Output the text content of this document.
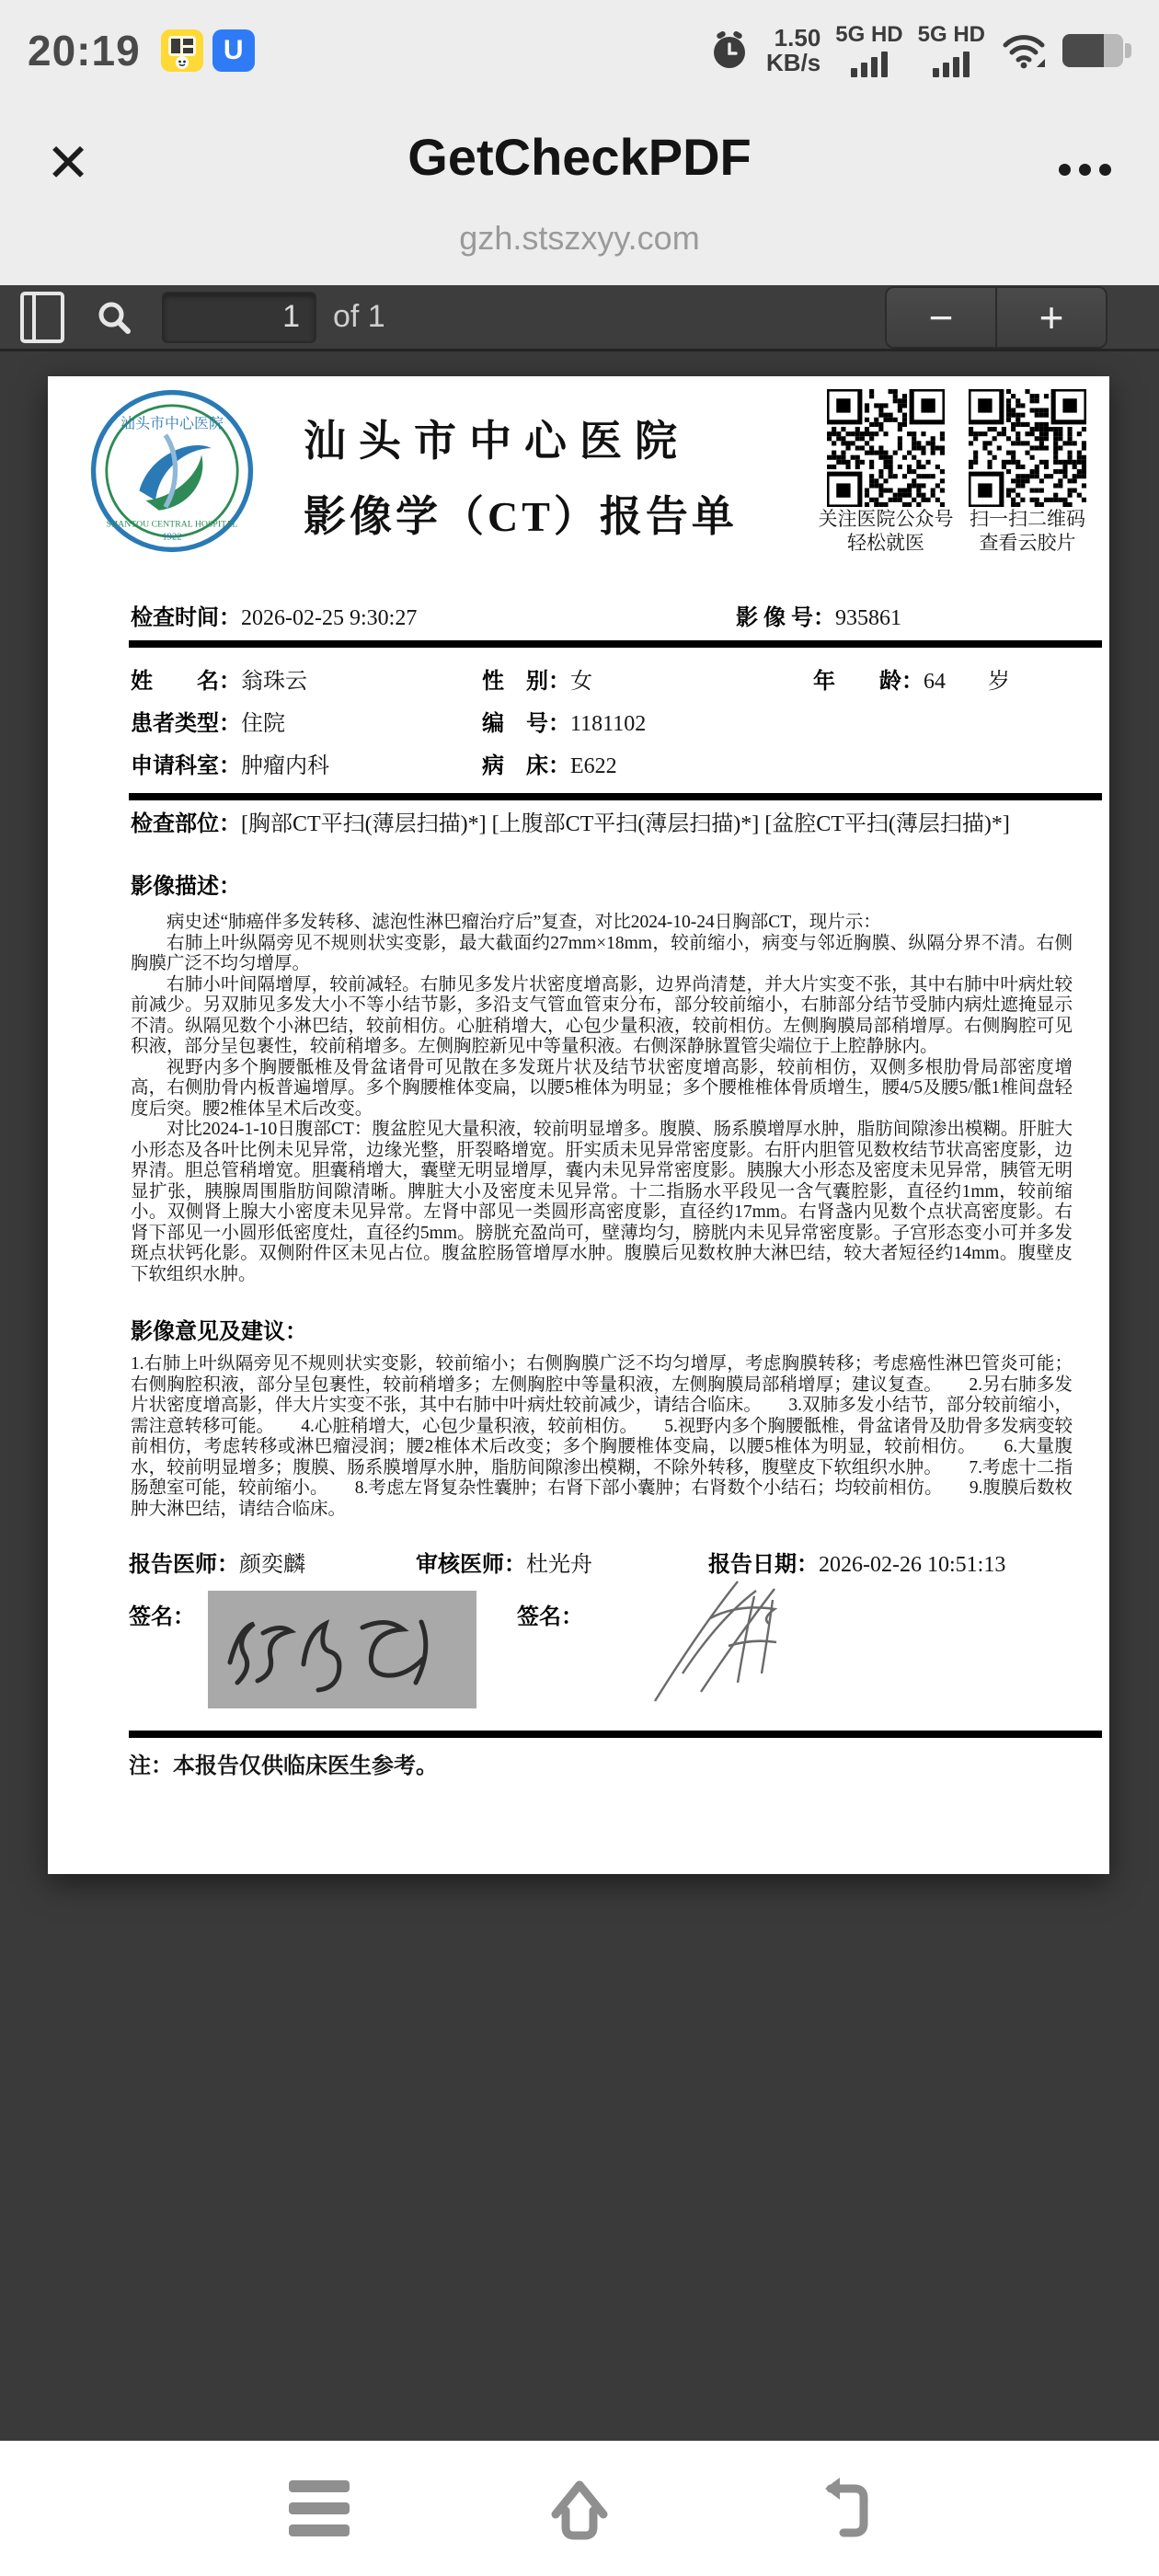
20:19	U	1.50
KB/s
5G HD 5G HD
✕	GetCheckPDF
gzh.stszxyy.com
1	of 1	−	+
汕头市中心医院
SHANTOU CENTRAL HOSPITAL
1922
汕头市中心医院
影像学（CT）报告单	关注医院公众号
轻松就医
扫一扫二维码
查看云胶片
检查时间：2026-02-25 9:30:27	影 像 号：935861
姓　　名：翁珠云	性　别：女	年　　龄：64 岁
患者类型：住院	编　号：1181102
申请科室：肿瘤内科	病　床：E622
检查部位：[胸部CT平扫(薄层扫描)*] [上腹部CT平扫(薄层扫描)*] [盆腔CT平扫(薄层扫描)*]
影像描述：

病史述“肺癌伴多发转移、滤泡性淋巴瘤治疗后”复查，对比2024-10-24日胸部CT，现片示：

右肺上叶纵隔旁见不规则状实变影，最大截面约27mm×18mm，较前缩小，病变与邻近胸膜、纵隔分界不清。右侧胸膜广泛不均匀增厚。

右肺小叶间隔增厚，较前减轻。右肺见多发片状密度增高影，边界尚清楚，并大片实变不张，其中右肺中叶病灶较前减少。另双肺见多发大小不等小结节影，多沿支气管血管束分布，部分较前缩小，右肺部分结节受肺内病灶遮掩显示不清。纵隔见数个小淋巴结，较前相仿。心脏稍增大，心包少量积液，较前相仿。左侧胸膜局部稍增厚。右侧胸腔可见积液，部分呈包裹性，较前稍增多。左侧胸腔新见中等量积液。右侧深静脉置管尖端位于上腔静脉内。

视野内多个胸腰骶椎及骨盆诸骨可见散在多发斑片状及结节状密度增高影，较前相仿，双侧多根肋骨局部密度增高，右侧肋骨内板普遍增厚。多个胸腰椎体变扁，以腰5椎体为明显；多个腰椎椎体骨质增生，腰4/5及腰5/骶1椎间盘轻度后突。腰2椎体呈术后改变。

对比2024-1-10日腹部CT：腹盆腔见大量积液，较前明显增多。腹膜、肠系膜增厚水肿，脂肪间隙渗出模糊。肝脏大小形态及各叶比例未见异常，边缘光整，肝裂略增宽。肝实质未见异常密度影。右肝内胆管见数枚结节状高密度影，边界清。胆总管稍增宽。胆囊稍增大，囊壁无明显增厚，囊内未见异常密度影。胰腺大小形态及密度未见异常，胰管无明显扩张，胰腺周围脂肪间隙清晰。脾脏大小及密度未见异常。十二指肠水平段见一含气囊腔影，直径约1mm，较前缩小。双侧肾上腺大小密度未见异常。左肾中部见一类圆形高密度影，直径约17mm。右肾盏内见数个点状高密度影。右肾下部见一小圆形低密度灶，直径约5mm。膀胱充盈尚可，壁薄均匀，膀胱内未见异常密度影。子宫形态变小可并多发斑点状钙化影。双侧附件区未见占位。腹盆腔肠管增厚水肿。腹膜后见数枚肿大淋巴结，较大者短径约14mm。腹壁皮下软组织水肿。

影像意见及建议：

1.右肺上叶纵隔旁见不规则状实变影，较前缩小；右侧胸膜广泛不均匀增厚，考虑胸膜转移；考虑癌性淋巴管炎可能；右侧胸腔积液，部分呈包裹性，较前稍增多；左侧胸腔中等量积液，左侧胸膜局部稍增厚；建议复查。　　2.另右肺多发片状密度增高影，伴大片实变不张，其中右肺中叶病灶较前减少，请结合临床。　　3.双肺多发小结节，部分较前缩小，需注意转移可能。　　4.心脏稍增大，心包少量积液，较前相仿。　　5.视野内多个胸腰骶椎，骨盆诸骨及肋骨多发病变较前相仿，考虑转移或淋巴瘤浸润；腰2椎体术后改变；多个胸腰椎体变扁，以腰5椎体为明显，较前相仿。　　6.大量腹水，较前明显增多；腹膜、肠系膜增厚水肿，脂肪间隙渗出模糊，不除外转移，腹壁皮下软组织水肿。　　7.考虑十二指肠憩室可能，较前缩小。　　8.考虑左肾复杂性囊肿；右肾下部小囊肿；右肾数个小结石；均较前相仿。　　9.腹膜后数枚肿大淋巴结，请结合临床。

报告医师：颜奕麟	审核医师：杜光舟	报告日期：2026-02-26 10:51:13
签名：	签名：
注：本报告仅供临床医生参考。
